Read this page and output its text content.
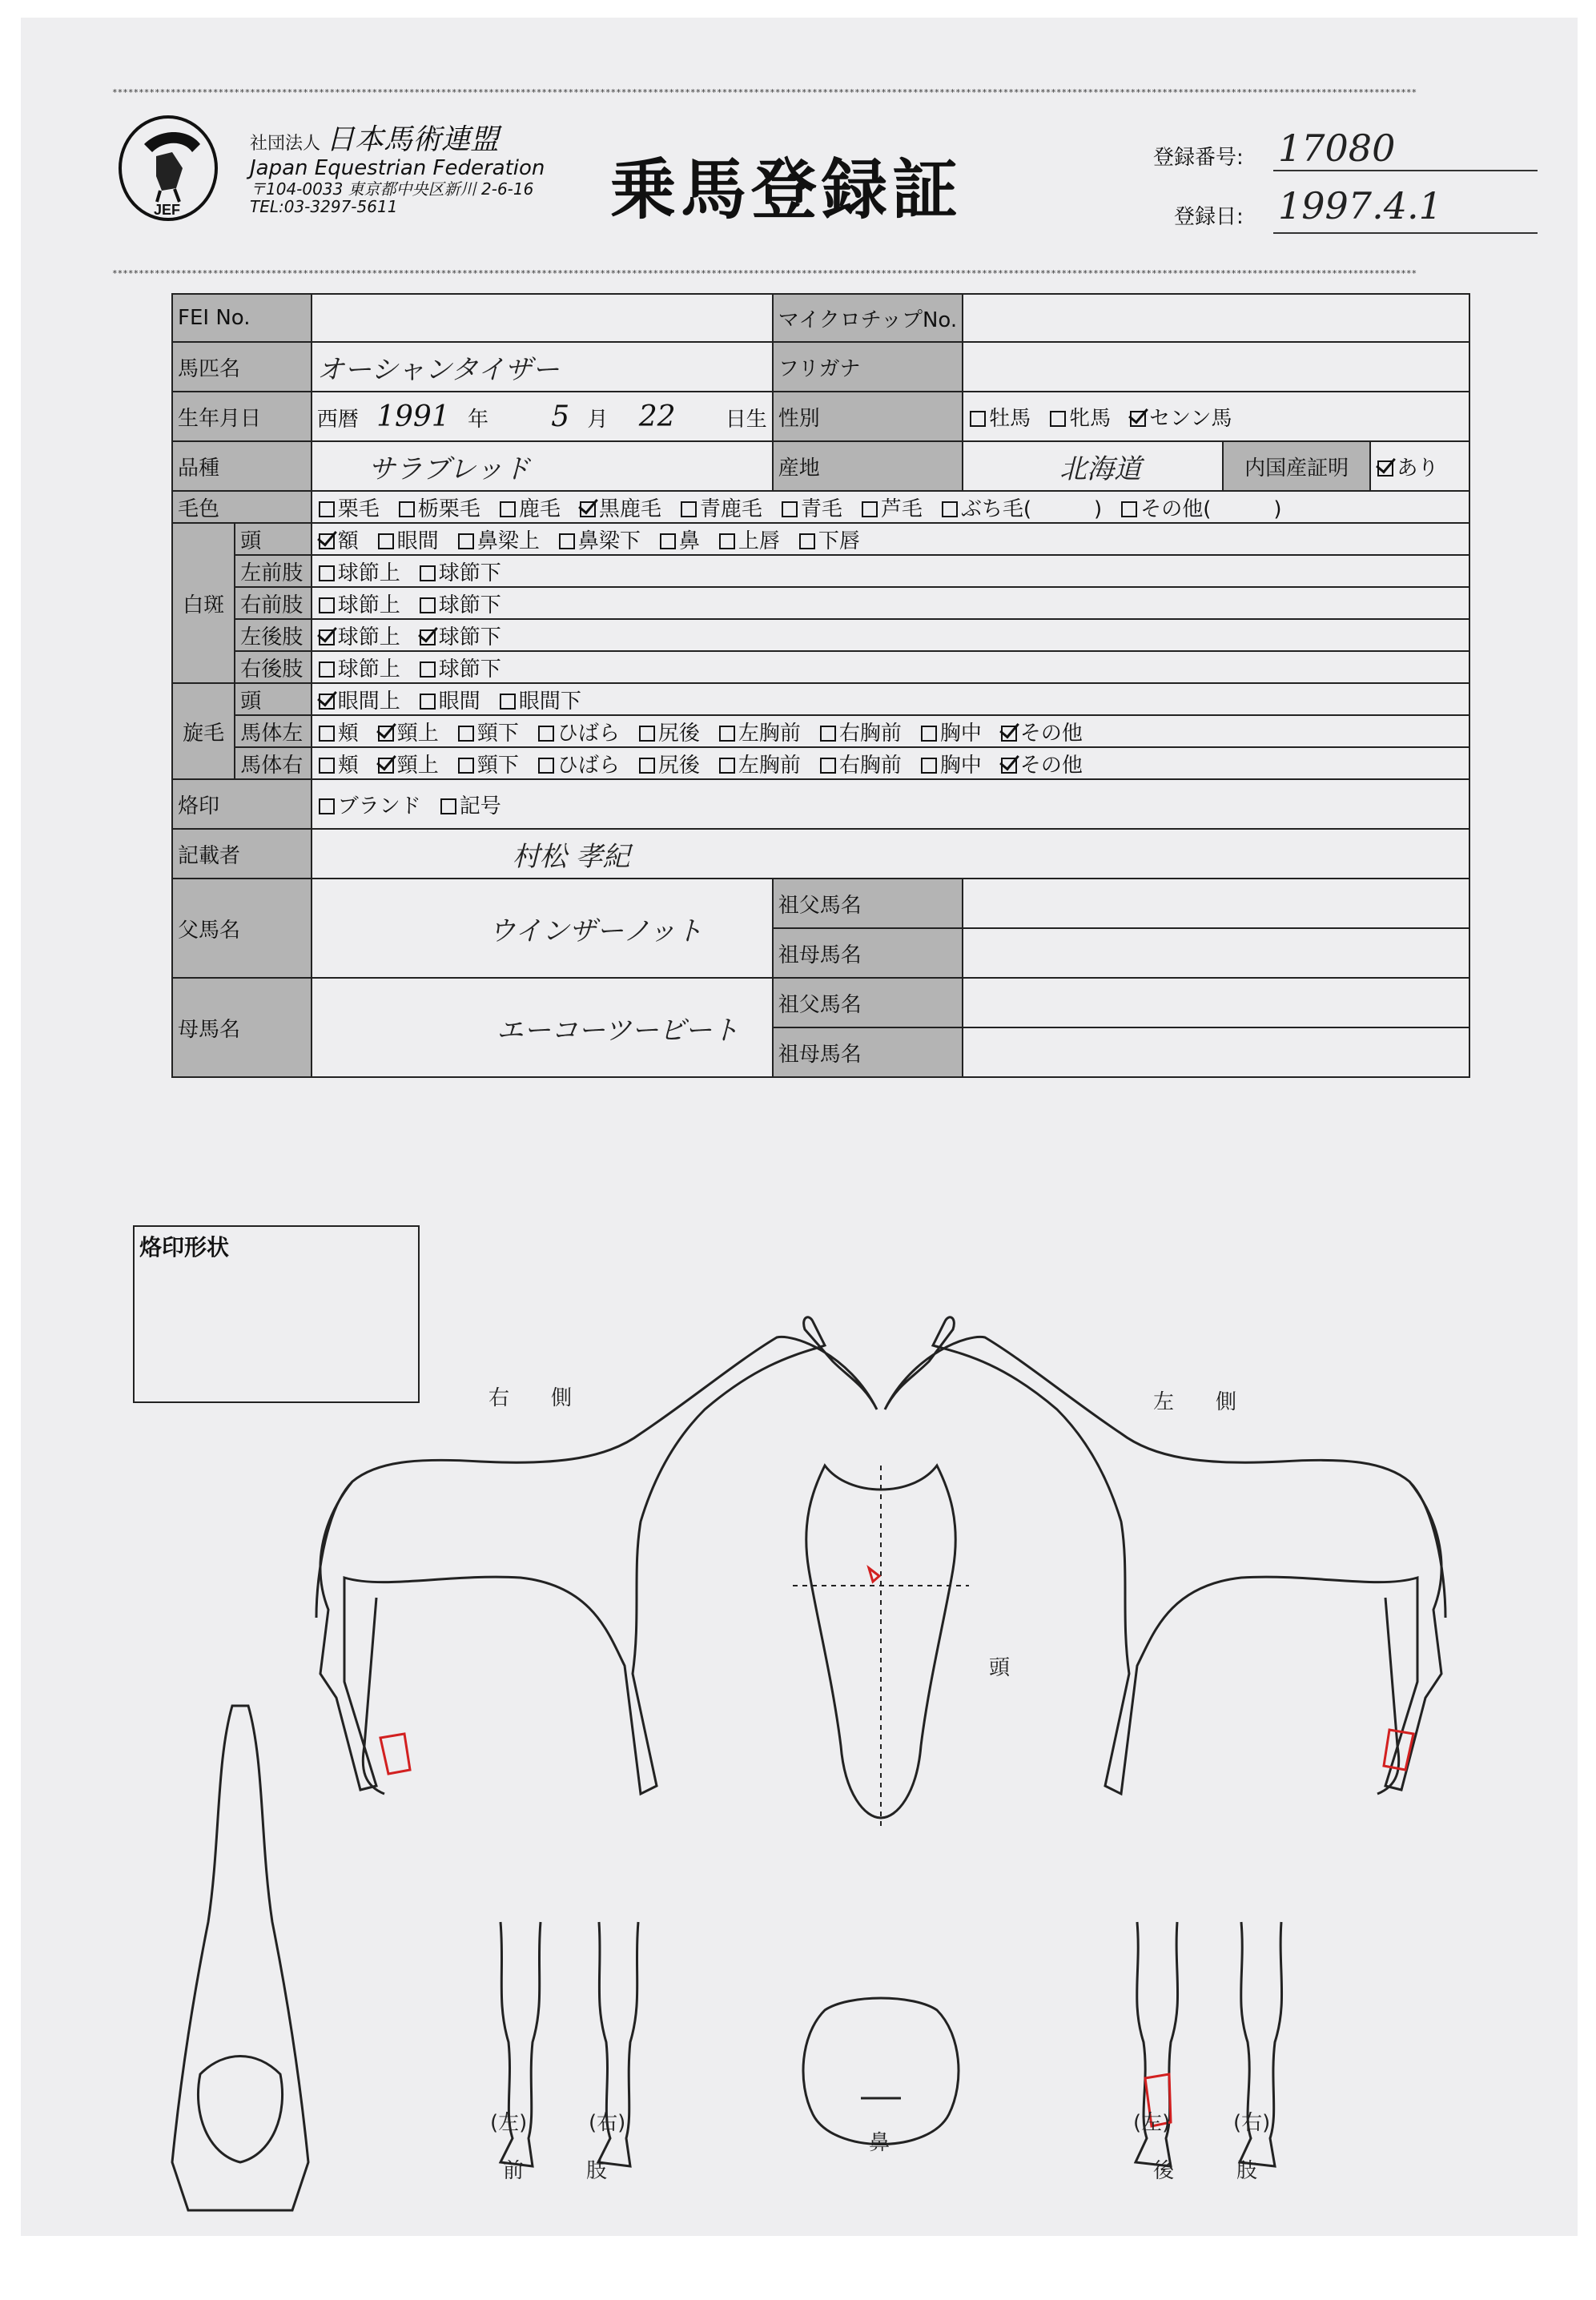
******************************************************************************************************************************************************************************************************************************************************
******************************************************************************************************************************************************************************************************************************************************
JEF
社団法人 日本馬術連盟
Japan Equestrian Federation
〒104-0033 東京都中央区新川 2-6-16
TEL:03-3297-5611	乗馬登録証	登録番号: 17080
登録日: 1997.4.1
FEI No.			マイクロチップNo.			
馬匹名		オーシャンタイザー	フリガナ			
生年月日		西暦 1991 年 5 月 22 日生	性別	牡馬 牝馬 センン馬		
品種		サラブレッド	産地	北海道	内国産証明	あり
毛色		栗毛 栃栗毛 鹿毛 黒鹿毛 青鹿毛 青毛 芦毛 ぶち毛(　　　) その他(　　　)				
白斑	頭	額 眼間 鼻梁上 鼻梁下 鼻 上唇 下唇				
	左前肢	球節上 球節下				
	右前肢	球節上 球節下				
	左後肢	球節上 球節下				
	右後肢	球節上 球節下				
旋毛	頭	眼間上 眼間 眼間下				
	馬体左	頬 頸上 頸下 ひばら 尻後 左胸前 右胸前 胸中 その他				
	馬体右	頬 頸上 頸下 ひばら 尻後 左胸前 右胸前 胸中 その他				
烙印		ブランド 記号				
記載者		村松 孝紀				
父馬名		ウインザーノット	祖父馬名			
			祖母馬名			
母馬名		エーコーツービート	祖父馬名			
			祖母馬名			
烙印形状
右　　側	左　　側
頭
鼻
(左)	(右)
前　　　肢
(左)	(右)
後　　　肢
